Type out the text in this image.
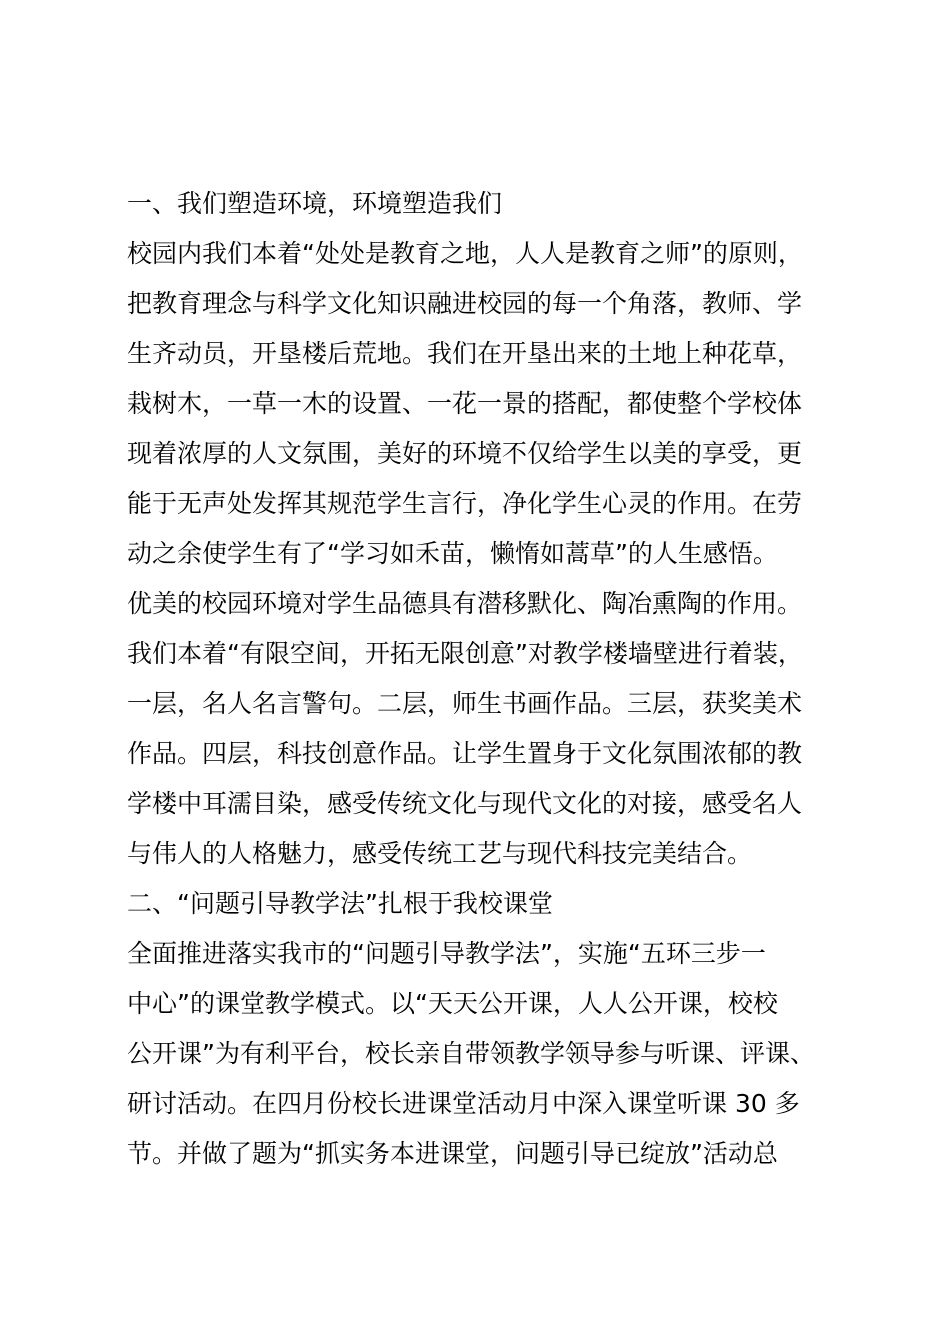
一、我们塑造环境，环境塑造我们
校园内我们本着“处处是教育之地，人人是教育之师”的原则，
把教育理念与科学文化知识融进校园的每一个角落，教师、学
生齐动员，开垦楼后荒地。我们在开垦出来的土地上种花草，
栽树木，一草一木的设置、一花一景的搭配，都使整个学校体
现着浓厚的人文氛围，美好的环境不仅给学生以美的享受，更
能于无声处发挥其规范学生言行，净化学生心灵的作用。在劳
动之余使学生有了“学习如禾苗，懒惰如蒿草”的人生感悟。
优美的校园环境对学生品德具有潜移默化、陶冶熏陶的作用。
我们本着“有限空间，开拓无限创意”对教学楼墙壁进行着装，
一层，名人名言警句。二层，师生书画作品。三层，获奖美术
作品。四层，科技创意作品。让学生置身于文化氛围浓郁的教
学楼中耳濡目染，感受传统文化与现代文化的对接，感受名人
与伟人的人格魅力，感受传统工艺与现代科技完美结合。
二、“问题引导教学法”扎根于我校课堂
全面推进落实我市的“问题引导教学法”，实施“五环三步一
中心”的课堂教学模式。以“天天公开课，人人公开课，校校
公开课”为有利平台，校长亲自带领教学领导参与听课、评课、
研讨活动。在四月份校长进课堂活动月中深入课堂听课 30 多
节。并做了题为“抓实务本进课堂，问题引导已绽放”活动总
